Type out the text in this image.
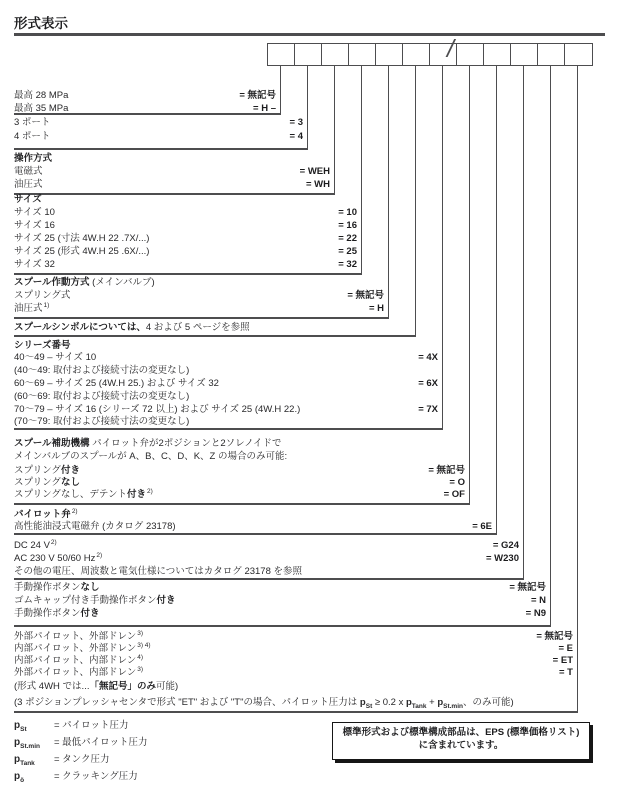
形式表示
/
最高 28 MPa	= 無記号
最高 35 MPa	= H –
3 ポート	= 3
4 ポート	= 4
操作方式
電磁式	= WEH
油圧式	= WH
サイズ
サイズ 10	= 10
サイズ 16	= 16
サイズ 25 (寸法 4W.H 22 .7X/...)	= 22
サイズ 25 (形式 4W.H 25 .6X/...)	= 25
サイズ 32	= 32
スプール作動方式 (メインバルブ)
スプリング式	= 無記号
油圧式$^{1)}$	= H
スプールシンボルについては、4 および 5 ページを参照
シリーズ番号
40〜49 – サイズ 10	= 4X
(40〜49: 取付および接続寸法の変更なし)
60〜69 – サイズ 25 (4W.H 25.) および サイズ 32	= 6X
(60〜69: 取付および接続寸法の変更なし)
70〜79 – サイズ 16 (シリーズ 72 以上) および サイズ 25 (4W.H 22.)	= 7X
(70〜79: 取付および接続寸法の変更なし)
スプール補助機構 パイロット弁が2ポジションと2ソレノイドで
メインバルブのスプールが A、B、C、D、K、Z の場合のみ可能:
スプリング付き	= 無記号
スプリングなし	= O
スプリングなし、デテント付き$^{2)}$	= OF
パイロット弁$^{2)}$
高性能油浸式電磁弁 (カタログ 23178)	= 6E
DC 24 $V^{2)}$	= G24
AC 230 V 50/60 $Hz^{2)}$	= W230
その他の電圧、周波数と電気仕様についてはカタログ 23178 を参照
手動操作ボタンなし	= 無記号
ゴムキャップ付き手動操作ボタン付き	= N
手動操作ボタン付き	= N9
外部パイロット、外部ドレン$^{3)}$	= 無記号
内部パイロット、外部ドレン$^{3) 4)}$	= E
内部パイロット、内部ドレン$^{4)}$	= ET
外部パイロット、内部ドレン$^{3)}$	= T
(形式 4WH では...「無記号」のみ可能)
(3 ポジションプレッシャセンタで形式 "ET" および "T"の場合、パイロット圧力は $p_{St} \ge 0.2$ x $p_{Tank} + p_{St.min}$、のみ可能)
$p_{St}$	= パイロット圧力
$p_{St.min}$	= 最低パイロット圧力
$p_{Tank}$	= タンク圧力
$p_ö$	= クラッキング圧力
標準形式および標準構成部品は、EPS (標準価格リスト)
に含まれています。
